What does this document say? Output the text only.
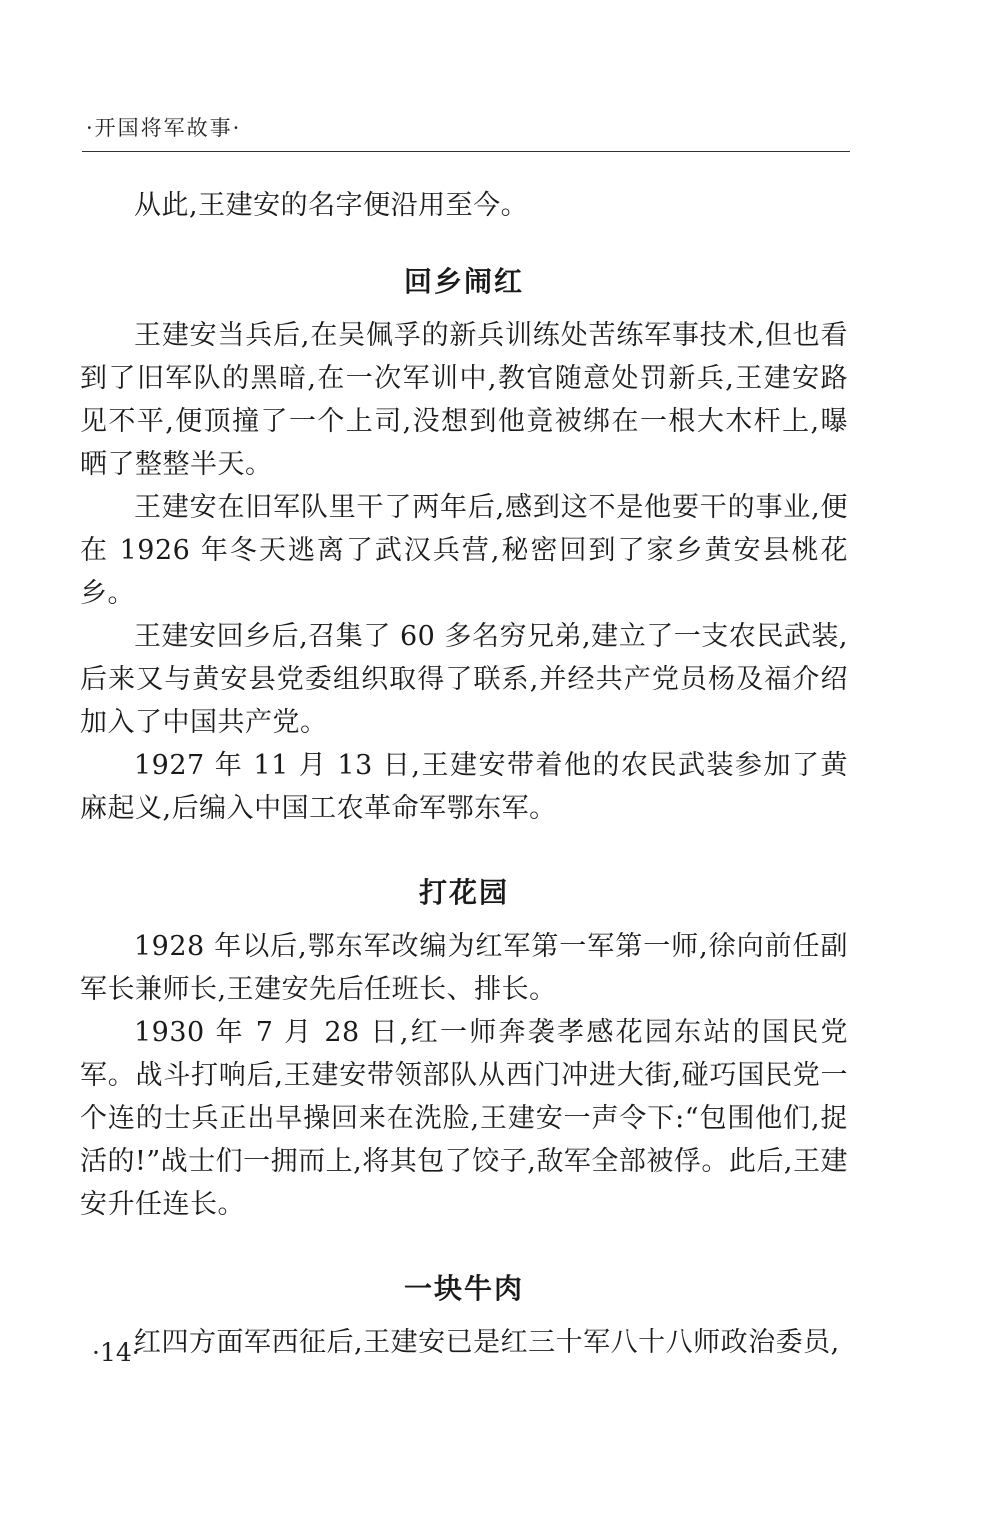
·开国将军故事·

从此,王建安的名字便沿用至今。

回乡闹红

王建安当兵后,在吴佩孚的新兵训练处苦练军事技术,但也看到了旧军队的黑暗,在一次军训中,教官随意处罚新兵,王建安路见不平,便顶撞了一个上司,没想到他竟被绑在一根大木杆上,曝晒了整整半天。

王建安在旧军队里干了两年后,感到这不是他要干的事业,便在 1926 年冬天逃离了武汉兵营,秘密回到了家乡黄安县桃花乡。

王建安回乡后,召集了 60 多名穷兄弟,建立了一支农民武装,后来又与黄安县党委组织取得了联系,并经共产党员杨及福介绍加入了中国共产党。

1927 年 11 月 13 日,王建安带着他的农民武装参加了黄麻起义,后编入中国工农革命军鄂东军。

打花园

1928 年以后,鄂东军改编为红军第一军第一师,徐向前任副军长兼师长,王建安先后任班长、排长。

1930 年 7 月 28 日,红一师奔袭孝感花园东站的国民党军。战斗打响后,王建安带领部队从西门冲进大街,碰巧国民党一个连的士兵正出早操回来在洗脸,王建安一声令下:“包围他们,捉活的!”战士们一拥而上,将其包了饺子,敌军全部被俘。此后,王建安升任连长。

一块牛肉

红四方面军西征后,王建安已是红三十军八十八师政治委员,

·14·
